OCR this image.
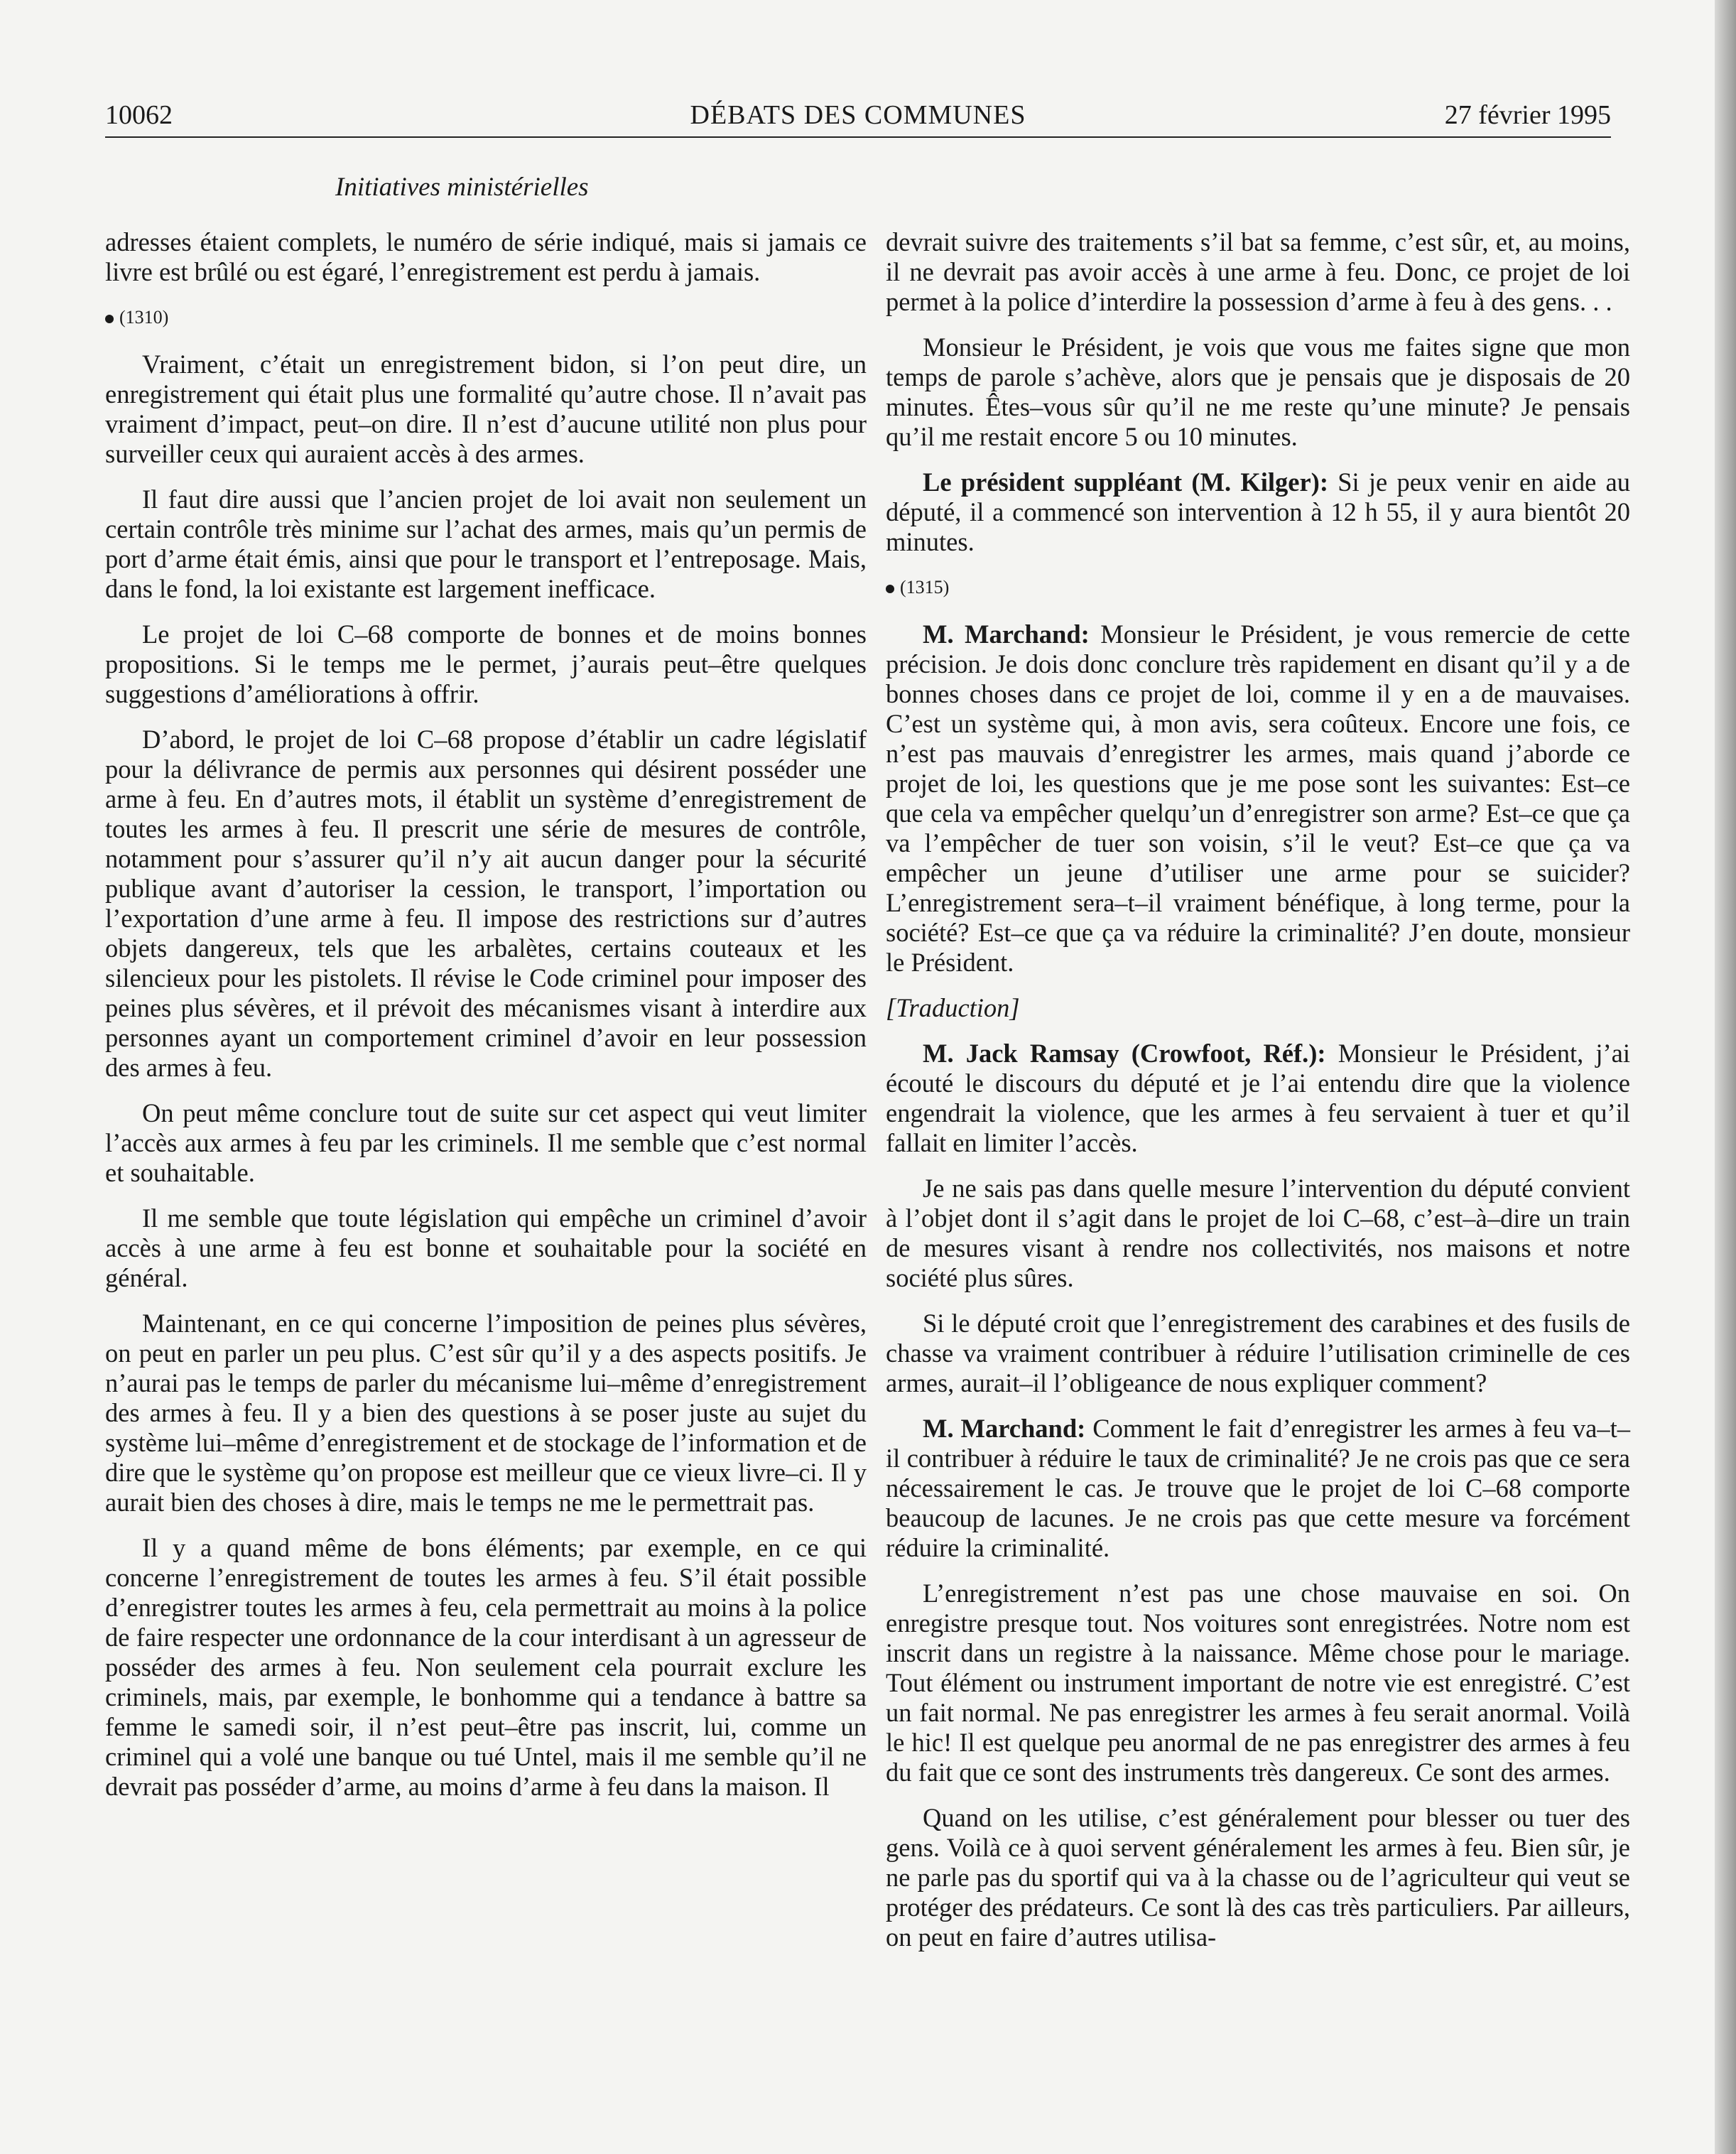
10062	DÉBATS DES COMMUNES	27 février 1995
Initiatives ministérielles

adresses étaient complets, le numéro de série indiqué, mais si jamais ce livre est brûlé ou est égaré, l’enregistrement est perdu à jamais.

(1310)

Vraiment, c’était un enregistrement bidon, si l’on peut dire, un enregistrement qui était plus une formalité qu’autre chose. Il n’avait pas vraiment d’impact, peut–on dire. Il n’est d’aucune utilité non plus pour surveiller ceux qui auraient accès à des armes.

Il faut dire aussi que l’ancien projet de loi avait non seulement un certain contrôle très minime sur l’achat des armes, mais qu’un permis de port d’arme était émis, ainsi que pour le transport et l’entreposage. Mais, dans le fond, la loi existante est largement inefficace.

Le projet de loi C–68 comporte de bonnes et de moins bonnes propositions. Si le temps me le permet, j’aurais peut–être quelques suggestions d’améliorations à offrir.

D’abord, le projet de loi C–68 propose d’établir un cadre législatif pour la délivrance de permis aux personnes qui désirent posséder une arme à feu. En d’autres mots, il établit un système d’enregistrement de toutes les armes à feu. Il prescrit une série de mesures de contrôle, notamment pour s’assurer qu’il n’y ait aucun danger pour la sécurité publique avant d’autoriser la cession, le transport, l’importation ou l’exportation d’une arme à feu. Il impose des restrictions sur d’autres objets dangereux, tels que les arbalètes, certains couteaux et les silencieux pour les pistolets. Il révise le Code criminel pour imposer des peines plus sévères, et il prévoit des mécanismes visant à interdire aux personnes ayant un comportement criminel d’avoir en leur possession des armes à feu.

On peut même conclure tout de suite sur cet aspect qui veut limiter l’accès aux armes à feu par les criminels. Il me semble que c’est normal et souhaitable.

Il me semble que toute législation qui empêche un criminel d’avoir accès à une arme à feu est bonne et souhaitable pour la société en général.

Maintenant, en ce qui concerne l’imposition de peines plus sévères, on peut en parler un peu plus. C’est sûr qu’il y a des aspects positifs. Je n’aurai pas le temps de parler du mécanisme lui–même d’enregistrement des armes à feu. Il y a bien des questions à se poser juste au sujet du système lui–même d’enregistrement et de stockage de l’information et de dire que le système qu’on propose est meilleur que ce vieux livre–ci. Il y aurait bien des choses à dire, mais le temps ne me le permettrait pas.

Il y a quand même de bons éléments; par exemple, en ce qui concerne l’enregistrement de toutes les armes à feu. S’il était possible d’enregistrer toutes les armes à feu, cela permettrait au moins à la police de faire respecter une ordonnance de la cour interdisant à un agresseur de posséder des armes à feu. Non seulement cela pourrait exclure les criminels, mais, par exemple, le bonhomme qui a tendance à battre sa femme le samedi soir, il n’est peut–être pas inscrit, lui, comme un criminel qui a volé une banque ou tué Untel, mais il me semble qu’il ne devrait pas posséder d’arme, au moins d’arme à feu dans la maison. Il

devrait suivre des traitements s’il bat sa femme, c’est sûr, et, au moins, il ne devrait pas avoir accès à une arme à feu. Donc, ce projet de loi permet à la police d’interdire la possession d’arme à feu à des gens. . .

Monsieur le Président, je vois que vous me faites signe que mon temps de parole s’achève, alors que je pensais que je disposais de 20 minutes. Êtes–vous sûr qu’il ne me reste qu’une minute? Je pensais qu’il me restait encore 5 ou 10 minutes.

Le président suppléant (M. Kilger): Si je peux venir en aide au député, il a commencé son intervention à 12 h 55, il y aura bientôt 20 minutes.

(1315)

M. Marchand: Monsieur le Président, je vous remercie de cette précision. Je dois donc conclure très rapidement en disant qu’il y a de bonnes choses dans ce projet de loi, comme il y en a de mauvaises. C’est un système qui, à mon avis, sera coûteux. Encore une fois, ce n’est pas mauvais d’enregistrer les armes, mais quand j’aborde ce projet de loi, les questions que je me pose sont les suivantes: Est–ce que cela va empêcher quelqu’un d’enregistrer son arme? Est–ce que ça va l’empêcher de tuer son voisin, s’il le veut? Est–ce que ça va empêcher un jeune d’utiliser une arme pour se suicider? L’enregistrement sera–t–il vraiment bénéfique, à long terme, pour la société? Est–ce que ça va réduire la criminalité? J’en doute, monsieur le Président.

[Traduction]

M. Jack Ramsay (Crowfoot, Réf.): Monsieur le Président, j’ai écouté le discours du député et je l’ai entendu dire que la violence engendrait la violence, que les armes à feu servaient à tuer et qu’il fallait en limiter l’accès.

Je ne sais pas dans quelle mesure l’intervention du député convient à l’objet dont il s’agit dans le projet de loi C–68, c’est–à–dire un train de mesures visant à rendre nos collectivités, nos maisons et notre société plus sûres.

Si le député croit que l’enregistrement des carabines et des fusils de chasse va vraiment contribuer à réduire l’utilisation criminelle de ces armes, aurait–il l’obligeance de nous expliquer comment?

M. Marchand: Comment le fait d’enregistrer les armes à feu va–t–il contribuer à réduire le taux de criminalité? Je ne crois pas que ce sera nécessairement le cas. Je trouve que le projet de loi C–68 comporte beaucoup de lacunes. Je ne crois pas que cette mesure va forcément réduire la criminalité.

L’enregistrement n’est pas une chose mauvaise en soi. On enregistre presque tout. Nos voitures sont enregistrées. Notre nom est inscrit dans un registre à la naissance. Même chose pour le mariage. Tout élément ou instrument important de notre vie est enregistré. C’est un fait normal. Ne pas enregistrer les armes à feu serait anormal. Voilà le hic! Il est quelque peu anormal de ne pas enregistrer des armes à feu du fait que ce sont des instruments très dangereux. Ce sont des armes.

Quand on les utilise, c’est généralement pour blesser ou tuer des gens. Voilà ce à quoi servent généralement les armes à feu. Bien sûr, je ne parle pas du sportif qui va à la chasse ou de l’agriculteur qui veut se protéger des prédateurs. Ce sont là des cas très particuliers. Par ailleurs, on peut en faire d’autres utilisa-
